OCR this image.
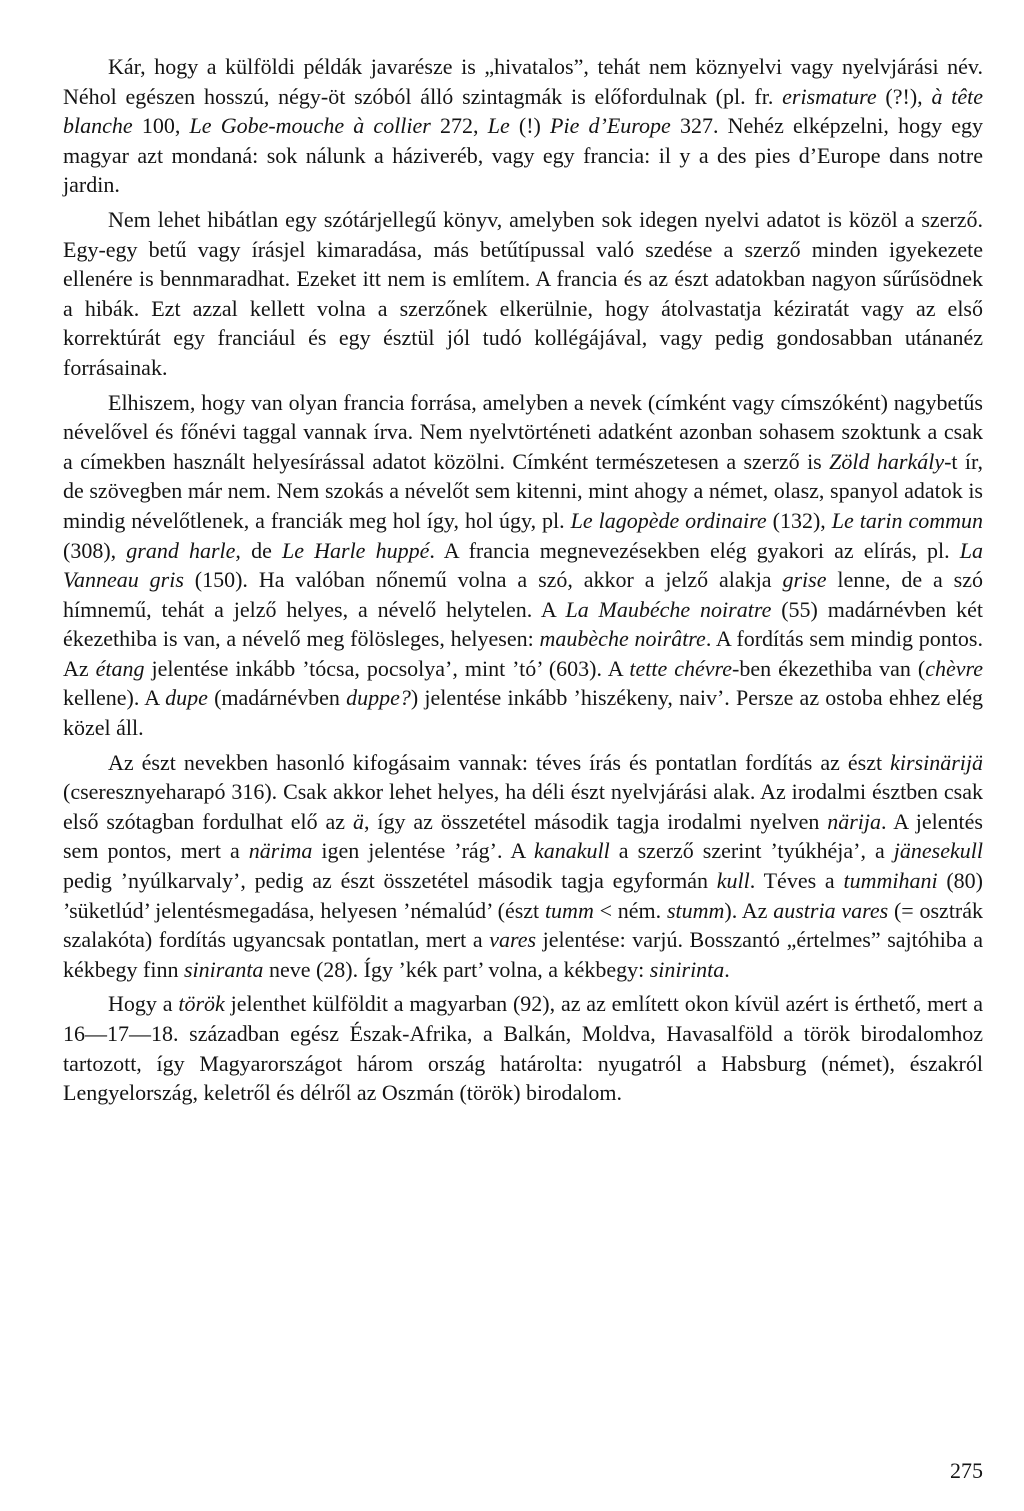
Kár, hogy a külföldi példák javarésze is „hivatalos”, tehát nem köznyelvi vagy nyelvjárási név. Néhol egészen hosszú, négy-öt szóból álló szintagmák is előfordulnak (pl. fr. erismature (?!), à tête blanche 100, Le Gobe-mouche à collier 272, Le (!) Pie d’Europe 327. Nehéz elképzelni, hogy egy magyar azt mondaná: sok nálunk a háziveréb, vagy egy francia: il y a des pies d’Europe dans notre jardin.

Nem lehet hibátlan egy szótárjellegű könyv, amelyben sok idegen nyelvi adatot is közöl a szerző. Egy-egy betű vagy írásjel kimaradása, más betűtípussal való szedése a szerző minden igyekezete ellenére is bennmaradhat. Ezeket itt nem is említem. A francia és az észt adatokban nagyon sűrűsödnek a hibák. Ezt azzal kellett volna a szerzőnek elkerülnie, hogy átolvastatja kéziratát vagy az első korrektúrát egy franciául és egy észtül jól tudó kollégájával, vagy pedig gondosabban utánanéz forrásainak.

Elhiszem, hogy van olyan francia forrása, amelyben a nevek (címként vagy címszóként) nagybetűs névelővel és főnévi taggal vannak írva. Nem nyelvtörténeti adatként azonban sohasem szoktunk a csak a címekben használt helyesírással adatot közölni. Címként természetesen a szerző is Zöld harkály-t ír, de szövegben már nem. Nem szokás a névelőt sem kitenni, mint ahogy a német, olasz, spanyol adatok is mindig névelőtlenek, a franciák meg hol így, hol úgy, pl. Le lagopède ordinaire (132), Le tarin commun (308), grand harle, de Le Harle huppé. A francia megnevezésekben elég gyakori az elírás, pl. La Vanneau gris (150). Ha valóban nőnemű volna a szó, akkor a jelző alakja grise lenne, de a szó hímnemű, tehát a jelző helyes, a névelő helytelen. A La Maubéche noiratre (55) madárnévben két ékezethiba is van, a névelő meg fölösleges, helyesen: maubèche noirâtre. A fordítás sem mindig pontos. Az étang jelentése inkább ’tócsa, pocsolya’, mint ’tó’ (603). A tette chévre-ben ékezethiba van (chèvre kellene). A dupe (madárnévben duppe?) jelentése inkább ’hiszékeny, naiv’. Persze az ostoba ehhez elég közel áll.

Az észt nevekben hasonló kifogásaim vannak: téves írás és pontatlan fordítás az észt kirsinärijä (cseresznyeharapó 316). Csak akkor lehet helyes, ha déli észt nyelvjárási alak. Az irodalmi észtben csak első szótagban fordulhat elő az ä, így az összetétel második tagja irodalmi nyelven närija. A jelentés sem pontos, mert a närima igen jelentése ’rág’. A kanakull a szerző szerint ’tyúkhéja’, a jänesekull pedig ’nyúlkarvaly’, pedig az észt összetétel második tagja egyformán kull. Téves a tummihani (80) ’süketlúd’ jelentésmegadása, helyesen ’némalúd’ (észt tumm < ném. stumm). Az austria vares (= osztrák szalakóta) fordítás ugyancsak pontatlan, mert a vares jelentése: varjú. Bosszantó „értelmes” sajtóhiba a kékbegy finn siniranta neve (28). Így ’kék part’ volna, a kékbegy: sinirinta.

Hogy a török jelenthet külföldit a magyarban (92), az az említett okon kívül azért is érthető, mert a 16—17—18. században egész Észak-Afrika, a Balkán, Moldva, Havasalföld a török birodalomhoz tartozott, így Magyarországot három ország határolta: nyugatról a Habsburg (német), északról Lengyelország, keletről és délről az Oszmán (török) birodalom.

275
